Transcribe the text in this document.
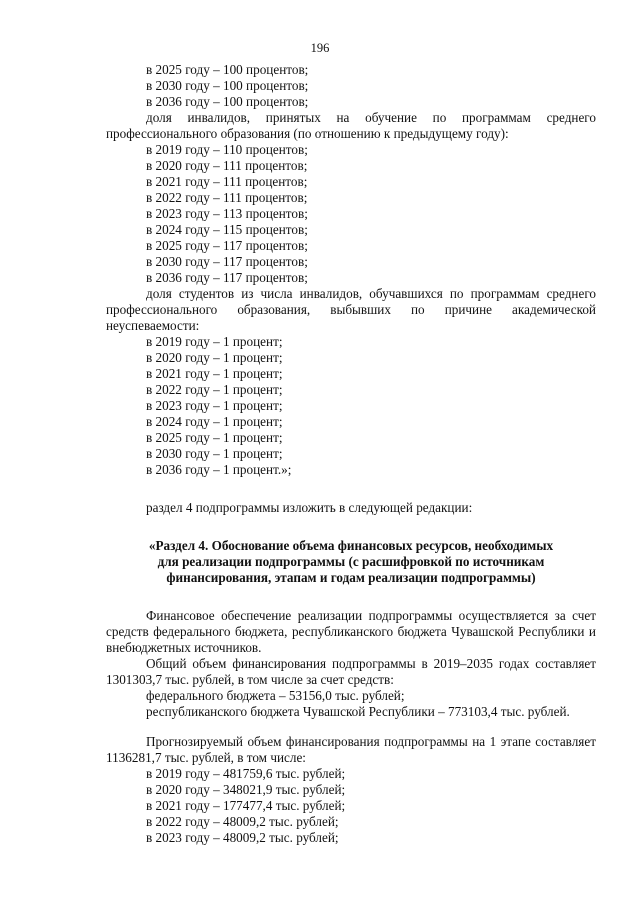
196

в 2025 году – 100 процентов;

в 2030 году – 100 процентов;

в 2036 году – 100 процентов;

доля инвалидов, принятых на обучение по программам среднего профессионального образования (по отношению к предыдущему году):

в 2019 году – 110 процентов;

в 2020 году – 111 процентов;

в 2021 году – 111 процентов;

в 2022 году – 111 процентов;

в 2023 году – 113 процентов;

в 2024 году – 115 процентов;

в 2025 году – 117 процентов;

в 2030 году – 117 процентов;

в 2036 году – 117 процентов;

доля студентов из числа инвалидов, обучавшихся по программам среднего профессионального образования, выбывших по причине академической неуспеваемости:

в 2019 году – 1 процент;

в 2020 году – 1 процент;

в 2021 году – 1 процент;

в 2022 году – 1 процент;

в 2023 году – 1 процент;

в 2024 году – 1 процент;

в 2025 году – 1 процент;

в 2030 году – 1 процент;

в 2036 году – 1 процент.»;

раздел 4 подпрограммы изложить в следующей редакции:

«Раздел 4. Обоснование объема финансовых ресурсов, необходимых
для реализации подпрограммы (с расшифровкой по источникам
финансирования, этапам и годам реализации подпрограммы)

Финансовое обеспечение реализации подпрограммы осуществляется за счет средств федерального бюджета, республиканского бюджета Чувашской Республики и внебюджетных источников.

Общий объем финансирования подпрограммы в 2019–2035 годах составляет 1301303,7 тыс. рублей, в том числе за счет средств:

федерального бюджета – 53156,0 тыс. рублей;

республиканского бюджета Чувашской Республики – 773103,4 тыс. рублей.

Прогнозируемый объем финансирования подпрограммы на 1 этапе составляет 1136281,7 тыс. рублей, в том числе:

в 2019 году – 481759,6 тыс. рублей;

в 2020 году – 348021,9 тыс. рублей;

в 2021 году – 177477,4 тыс. рублей;

в 2022 году – 48009,2 тыс. рублей;

в 2023 году – 48009,2 тыс. рублей;
